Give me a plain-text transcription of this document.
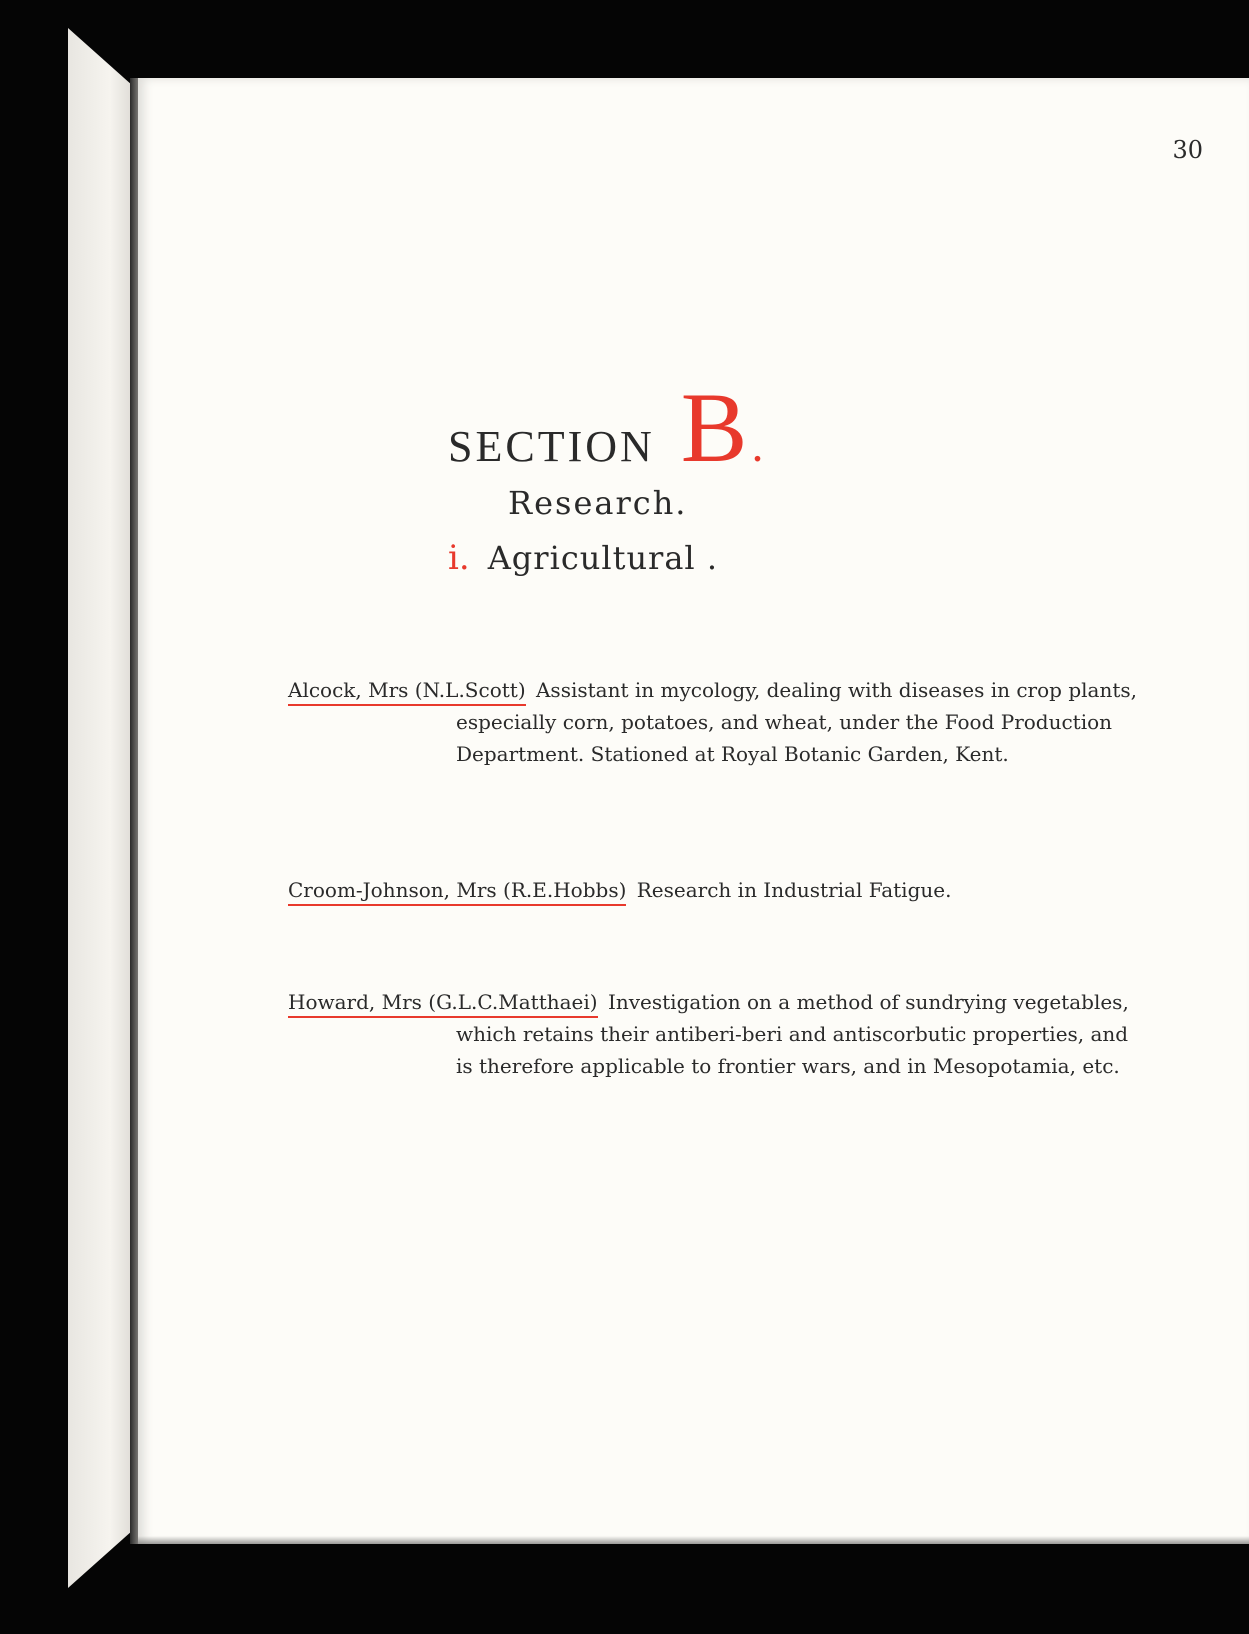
30
SECTION B .
Research.
i. Agricultural .
Alcock, Mrs (N.L.Scott) Assistant in mycology, dealing with diseases in crop plants, especially corn, potatoes, and wheat, under the Food Production Department. Stationed at Royal Botanic Garden, Kent.
Croom-Johnson, Mrs (R.E.Hobbs) Research in Industrial Fatigue.
Howard, Mrs (G.L.C.Matthaei) Investigation on a method of sundrying vegetables, which retains their antiberi-beri and antiscorbutic properties, and is therefore applicable to frontier wars, and in Mesopotamia, etc.
